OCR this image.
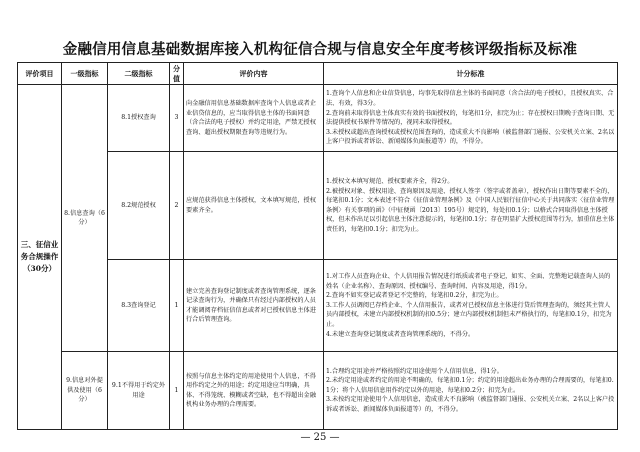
金融信用信息基础数据库接入机构征信合规与信息安全年度考核评级指标及标准
评价项目	一级指标	二级指标	分值	评价内容	计分标准
三、征信业务合规操作（30分）	8.信息查询（6分）	8.1授权查询	3	向金融信用信息基础数据库查询个人信息或者企业信贷信息的，应当取得信息主体的书面同意（含合法的电子授权）并约定用途，严禁无授权查询、超出授权期限查询等违规行为。	1.查询个人信息和企业信贷信息，均事先取得信息主体的书面同意（含合法的电子授权），且授权真实、合法、有效，得3分。
2.查询前未取得信息主体真实有效的书面授权的，每笔扣1分，扣完为止；存在授权日期晚于查询日期、无法提供授权书原件等情况的，视同未取得授权。
3.未授权或超出查询授权或授权范围查询的，造成重大不良影响（被监督部门通报、公安机关立案、2名以上客户投诉或者诉讼、新闻媒体负面报道等）的，不得分。

		8.2规范授权	2	应规范获得信息主体授权，文本填写规范，授权要素齐全。	1.授权文本填写规范、授权要素齐全，得2分。
2.被授权对象、授权用途、查询原因及用途、授权人签字（签字或者盖章），授权作出日期等要素不全的，每笔扣0.1分；文本表述不符合《征信业管理条例》及《中国人民银行征信中心关于共同落实〈征信业管理条例〉有关事项的函》（中征便函〔2013〕195号）规定的，每处扣0.1分；以格式合同取得信息主体授权，但未作出足以引起信息主体注意提示的，每笔扣0.1分；存在明显扩大授权范围等行为，加重信息主体责任的，每笔扣0.1分；扣完为止。

		8.3查询登记	1	建立完善查询登记制度或者查询管理系统，逐条记录查询行为，并确保只有经过内部授权的人员才能调阅存档征信信息或者对已授权信息主体进行合后管理查询。	1.对工作人员查询企业、个人信用报告情况进行纸质或者电子登记，如实、全面、完整地记载查询人员的姓名（企业名称）、查询原因、授权编号、查询时间、内容及用途，得1分。
2.查询不如实登记或者登记不完整的，每笔扣0.2分，扣完为止。
3.工作人员调阅已存档企业、个人信用报告，或者对已授权信息主体进行贷后管理查询的，须经其主管人员内部授权，未建立内部授权机制的扣0.5分；建立内部授权机制但未严格执行的，每笔扣0.1分，扣完为止。
4.未建立查询登记制度或者查询管理系统的，不得分。

	9.信息对外提供及使用（6分）	9.1不得用于约定外用途	1	按照与信息主体约定的用途使用个人信息，不得用作约定之外的用途；约定用途应当明确，具体、不得笼统、模糊或者空缺，也不得超出金融机构业务办理的合理需要。	1.合理约定用途并严格按照约定用途使用个人信用信息，得1分。
2.未约定用途或者约定的用途不明确的，每笔扣0.1分；约定的用途超出业务办理的合理需要的，每笔扣0.1分；将个人信用信息用作约定以外的用途，每笔扣0.2分；扣完为止。
3.未按约定用途使用个人信用信息，造成重大不良影响（被监督部门通报、公安机关立案、2名以上客户投诉或者诉讼、新闻媒体负面报道等）的，不得分。
— 25 —
